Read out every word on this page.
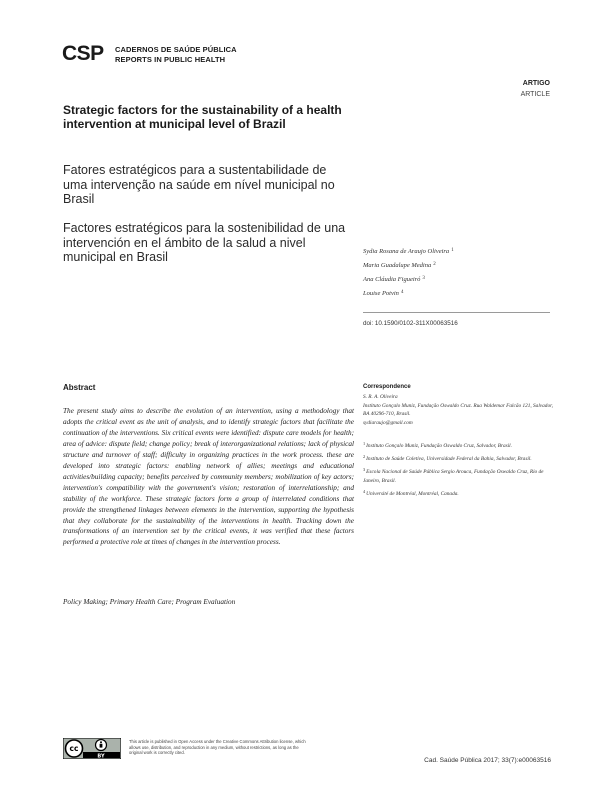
CSP CADERNOS DE SAÚDE PÚBLICA
REPORTS IN PUBLIC HEALTH
ARTIGO
ARTICLE
Strategic factors for the sustainability of a health intervention at municipal level of Brazil
Fatores estratégicos para a sustentabilidade de uma intervenção na saúde em nível municipal no Brasil
Factores estratégicos para la sostenibilidad de una intervención en el ámbito de la salud a nivel municipal en Brasil	Sydia Rosana de Araujo Oliveira $^1$
Maria Guadalupe Medina $^2$
Ana Cláudia Figueiró $^3$
Louise Potvin $^4$
doi: 10.1590/0102-311X00063516
Abstract

The present study aims to describe the evolution of an intervention, using a methodology that adopts the critical event as the unit of analysis, and to identify strategic factors that facilitate the continuation of the interventions. Six critical events were identified: dispute care models for health; area of advice: dispute field; change policy; break of interorganizational relations; lack of physical structure and turnover of staff; difficulty in organizing practices in the work process. these are developed into strategic factors: enabling network of allies; meetings and educational activities/building capacity; benefits perceived by community members; mobilization of key actors; intervention's compatibility with the government's vision; restoration of interrelationship; and stability of the workforce. These strategic factors form a group of interrelated conditions that provide the strengthened linkages between elements in the intervention, supporting the hypothesis that they collaborate for the sustainability of the interventions in health. Tracking down the transformations of an intervention set by the critical events, it was verified that these factors performed a protective role at times of changes in the intervention process.

Policy Making; Primary Health Care; Program Evaluation
Correspondence
S. R. A. Oliveira
Instituto Gonçalo Muniz, Fundação Oswaldo Cruz. Rua Waldemar Falcão 121, Salvador, BA 40296-710, Brasil.
sydiaraujo@gmail.com
$^1$Instituto Gonçalo Muniz, Fundação Oswaldo Cruz, Salvador, Brasil.
$^2$Instituto de Saúde Coletiva, Universidade Federal da Bahia, Salvador, Brasil.
$^3$Escola Nacional de Saúde Pública Sergio Arouca, Fundação Oswaldo Cruz, Rio de Janeiro, Brasil.
$^4$Université de Montréal, Montréal, Canada.
cc
BY
This article is published in Open Access under the Creative Commons Attribution license, which allows use, distribution, and reproduction in any medium, without restrictions, as long as the original work is correctly cited.
Cad. Saúde Pública 2017; 33(7):e00063516
